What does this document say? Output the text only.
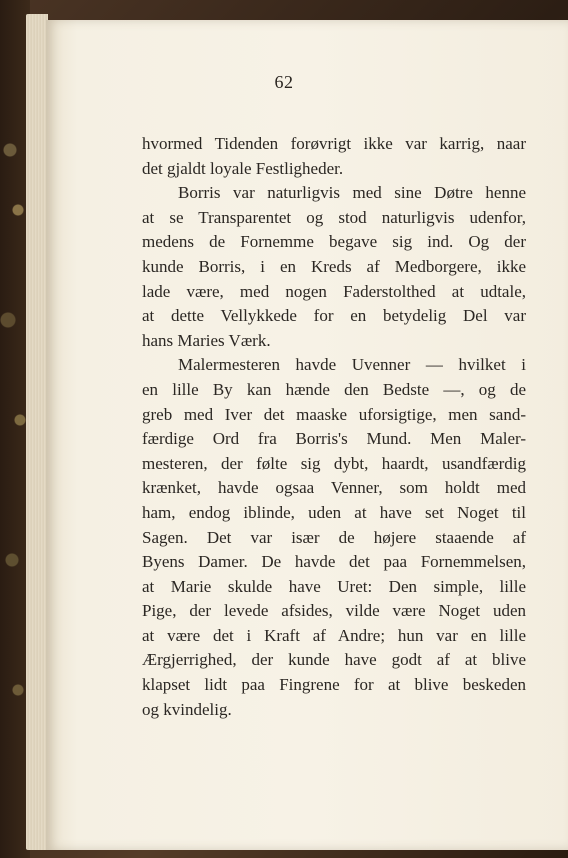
62
hvormed Tidenden forøvrigt ikke var karrig, naar
det gjaldt loyale Festligheder.
Borris var naturligvis med sine Døtre henne
at se Transparentet og stod naturligvis udenfor,
medens de Fornemme begave sig ind. Og der
kunde Borris, i en Kreds af Medborgere, ikke
lade være, med nogen Faderstolthed at udtale,
at dette Vellykkede for en betydelig Del var
hans Maries Værk.
Malermesteren havde Uvenner — hvilket i
en lille By kan hænde den Bedste —, og de
greb med Iver det maaske uforsigtige, men sand-
færdige Ord fra Borris's Mund. Men Maler-
mesteren, der følte sig dybt, haardt, usandfærdig
krænket, havde ogsaa Venner, som holdt med
ham, endog iblinde, uden at have set Noget til
Sagen. Det var især de højere staaende af
Byens Damer. De havde det paa Fornemmelsen,
at Marie skulde have Uret: Den simple, lille
Pige, der levede afsides, vilde være Noget uden
at være det i Kraft af Andre; hun var en lille
Ærgjerrighed, der kunde have godt af at blive
klapset lidt paa Fingrene for at blive beskeden
og kvindelig.
